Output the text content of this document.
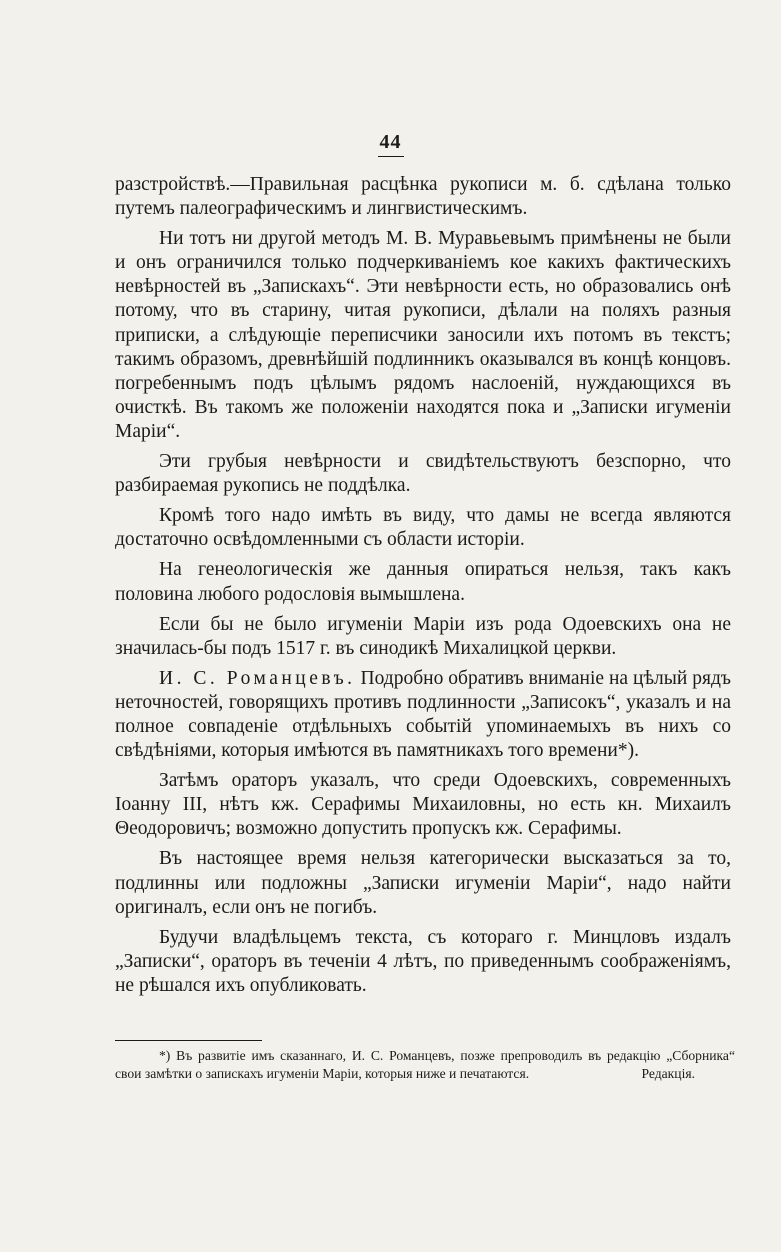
44

разстройствѣ.—Правильная расцѣнка рукописи м. б. сдѣлана только путемъ палеографическимъ и лингвистическимъ.

Ни тотъ ни другой методъ М. В. Муравьевымъ примѣнены не были и онъ ограничился только подчеркиваніемъ кое какихъ фактическихъ невѣрностей въ „Запискахъ“. Эти невѣрности есть, но образовались онѣ потому, что въ старину, читая рукописи, дѣлали на поляхъ разныя приписки, а слѣдующіе переписчики заносили ихъ потомъ въ текстъ; такимъ образомъ, древнѣйшій подлинникъ оказывался въ концѣ концовъ. погребеннымъ подъ цѣлымъ рядомъ наслоеній, нуждающихся въ очисткѣ. Въ такомъ же положеніи находятся пока и „Записки игуменіи Маріи“.

Эти грубыя невѣрности и свидѣтельствуютъ безспорно, что разбираемая рукопись не поддѣлка.

Кромѣ того надо имѣть въ виду, что дамы не всегда являются достаточно освѣдомленными съ области исторіи.

На генеологическія же данныя опираться нельзя, такъ какъ половина любого родословія вымышлена.

Если бы не было игуменіи Маріи изъ рода Одоевскихъ она не значилась-бы подъ 1517 г. въ синодикѣ Михалицкой церкви.

И. С. Романцевъ. Подробно обративъ вниманіе на цѣлый рядъ неточностей, говорящихъ противъ подлинности „Записокъ“, указалъ и на полное совпаденіе отдѣльныхъ событій упоминаемыхъ въ нихъ со свѣдѣніями, которыя имѣются въ памятникахъ того времени*).

Затѣмъ ораторъ указалъ, что среди Одоевскихъ, современныхъ Іоанну III, нѣтъ кж. Серафимы Михаиловны, но есть кн. Михаилъ Θеодоровичъ; возможно допустить пропускъ кж. Серафимы.

Въ настоящее время нельзя категорически высказаться за то, подлинны или подложны „Записки игуменіи Маріи“, надо найти оригиналъ, если онъ не погибъ.

Будучи владѣльцемъ текста, съ котораго г. Минцловъ издалъ „Записки“, ораторъ въ теченіи 4 лѣтъ, по приведеннымъ соображеніямъ, не рѣшался ихъ опубликовать.

*) Въ развитіе имъ сказаннаго, И. С. Романцевъ, позже препроводилъ въ редакцію „Сборника“ свои замѣтки о запискахъ игуменіи Маріи, которыя ниже и печатаются.	Редакція.
